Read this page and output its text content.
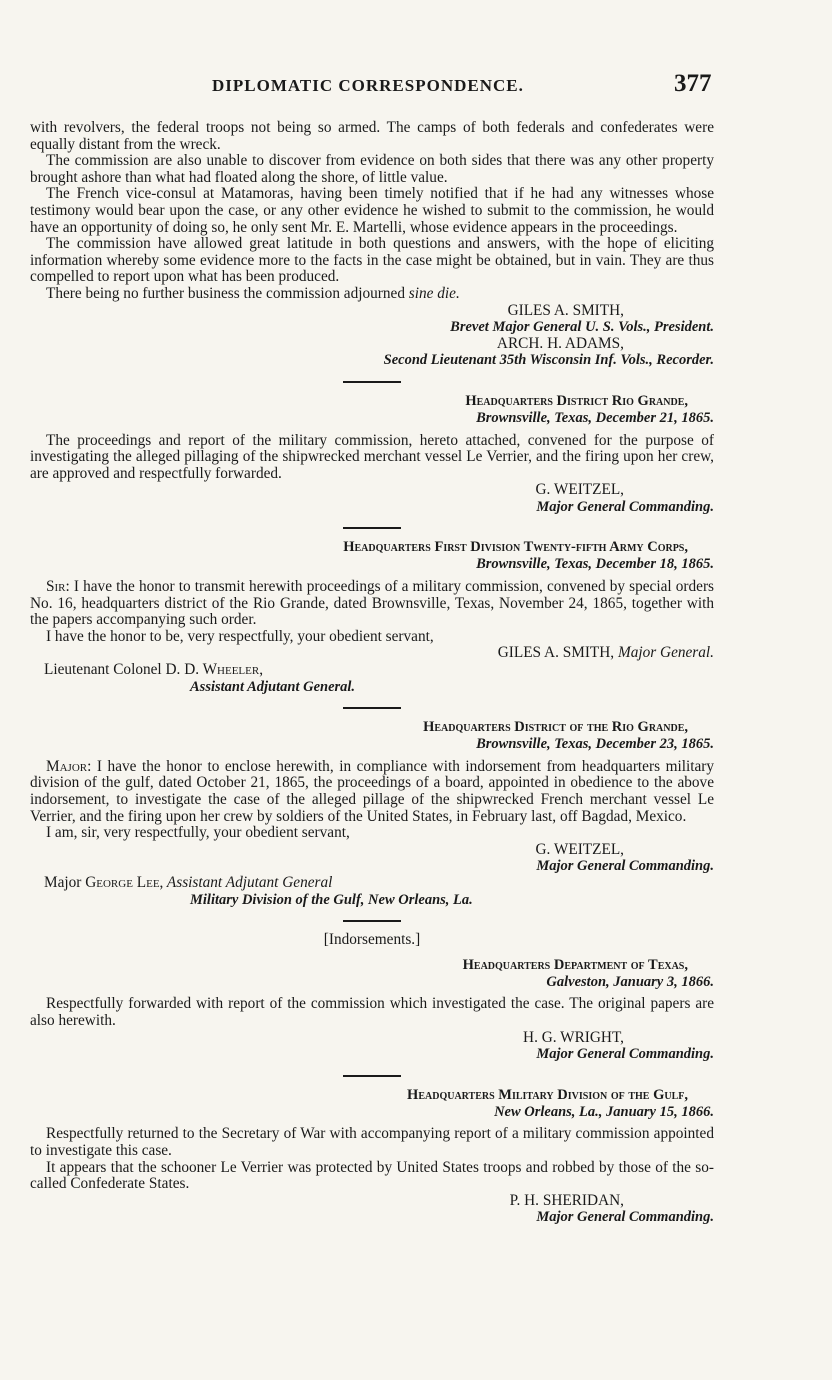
DIPLOMATIC CORRESPONDENCE.	377

with revolvers, the federal troops not being so armed. The camps of both federals and confederates were equally distant from the wreck.

The commission are also unable to discover from evidence on both sides that there was any other property brought ashore than what had floated along the shore, of little value.

The French vice-consul at Matamoras, having been timely notified that if he had any witnesses whose testimony would bear upon the case, or any other evidence he wished to submit to the commission, he would have an opportunity of doing so, he only sent Mr. E. Martelli, whose evidence appears in the proceedings.

The commission have allowed great latitude in both questions and answers, with the hope of eliciting information whereby some evidence more to the facts in the case might be obtained, but in vain. They are thus compelled to report upon what has been produced.

There being no further business the commission adjourned sine die.

GILES A. SMITH,
Brevet Major General U. S. Vols., President.
ARCH. H. ADAMS,
Second Lieutenant 35th Wisconsin Inf. Vols., Recorder.
Headquarters District Rio Grande,
Brownsville, Texas, December 21, 1865.

The proceedings and report of the military commission, hereto attached, convened for the purpose of investigating the alleged pillaging of the shipwrecked merchant vessel Le Verrier, and the firing upon her crew, are approved and respectfully forwarded.

G. WEITZEL,
Major General Commanding.
Headquarters First Division Twenty-fifth Army Corps,
Brownsville, Texas, December 18, 1865.

Sir: I have the honor to transmit herewith proceedings of a military commission, convened by special orders No. 16, headquarters district of the Rio Grande, dated Brownsville, Texas, November 24, 1865, together with the papers accompanying such order.

I have the honor to be, very respectfully, your obedient servant,

GILES A. SMITH, Major General.
Lieutenant Colonel D. D. Wheeler,
Assistant Adjutant General.
Headquarters District of the Rio Grande,
Brownsville, Texas, December 23, 1865.

Major: I have the honor to enclose herewith, in compliance with indorsement from headquarters military division of the gulf, dated October 21, 1865, the proceedings of a board, appointed in obedience to the above indorsement, to investigate the case of the alleged pillage of the shipwrecked French merchant vessel Le Verrier, and the firing upon her crew by soldiers of the United States, in February last, off Bagdad, Mexico.

I am, sir, very respectfully, your obedient servant,

G. WEITZEL,
Major General Commanding.
Major George Lee, Assistant Adjutant General
Military Division of the Gulf, New Orleans, La.
[Indorsements.]
Headquarters Department of Texas,
Galveston, January 3, 1866.

Respectfully forwarded with report of the commission which investigated the case. The original papers are also herewith.

H. G. WRIGHT,
Major General Commanding.
Headquarters Military Division of the Gulf,
New Orleans, La., January 15, 1866.

Respectfully returned to the Secretary of War with accompanying report of a military commission appointed to investigate this case.

It appears that the schooner Le Verrier was protected by United States troops and robbed by those of the so-called Confederate States.

P. H. SHERIDAN,
Major General Commanding.
